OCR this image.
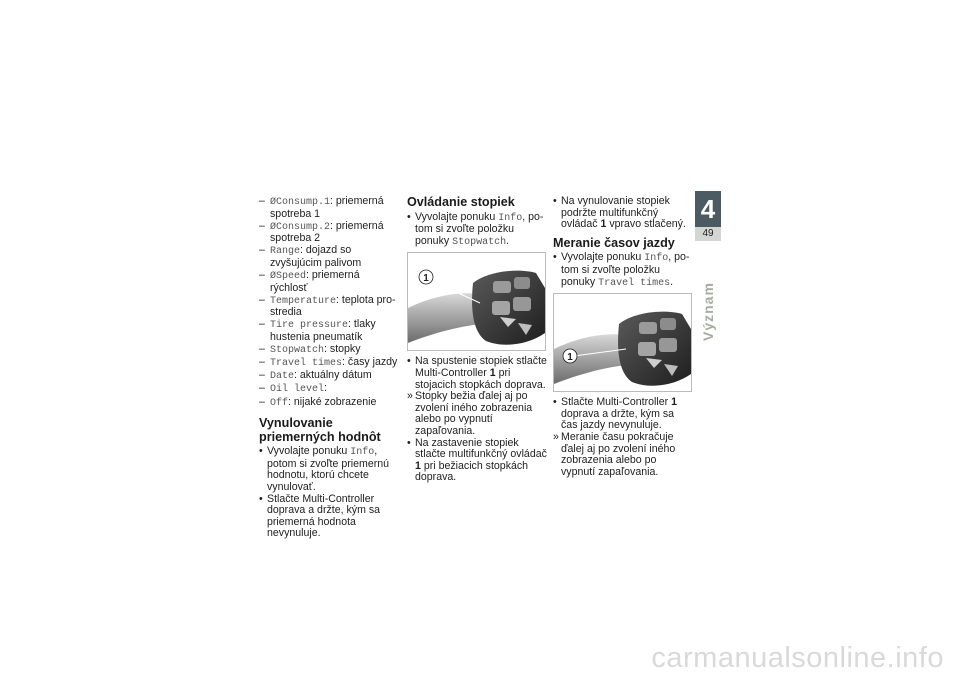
– ØConsump.1: priemerná spotreba 1
– ØConsump.2: priemerná spotreba 2
– Range: dojazd so zvyšujúcim palivom
– ØSpeed: priemerná rýchlosť
– Temperature: teplota prostredia
– Tire pressure: tlaky hustenia pneumatík
– Stopwatch: stopky
– Travel times: časy jazdy
– Date: aktuálny dátum
– Oil level:
– Off: nijaké zobrazenie
Vynulovanie priemerných hodnôt
• Vyvolajte ponuku Info, potom si zvoľte priemernú hodnotu, ktorú chcete vynulovať.
• Stlačte Multi-Controller doprava a držte, kým sa priemerná hodnota nevynuluje.
Ovládanie stopiek
• Vyvolajte ponuku Info, potom si zvoľte položku ponuky Stopwatch.
1
• Na spustenie stopiek stlačte Multi-Controller 1 pri stojacich stopkách doprava.
» Stopky bežia ďalej aj po zvolení iného zobrazenia alebo po vypnutí zapaľovania.
• Na zastavenie stopiek stlačte multifunkčný ovládač 1 pri bežiacich stopkách doprava.
• Na vynulovanie stopiek podržte multifunkčný ovládač 1 vpravo stlačený.
Meranie časov jazdy
• Vyvolajte ponuku Info, potom si zvoľte položku ponuky Travel times.
1
• Stlačte Multi-Controller 1 doprava a držte, kým sa čas jazdy nevynuluje.
» Meranie času pokračuje ďalej aj po zvolení iného zobrazenia alebo po vypnutí zapaľovania.
4
49
Význam
carmanualsonline.info
